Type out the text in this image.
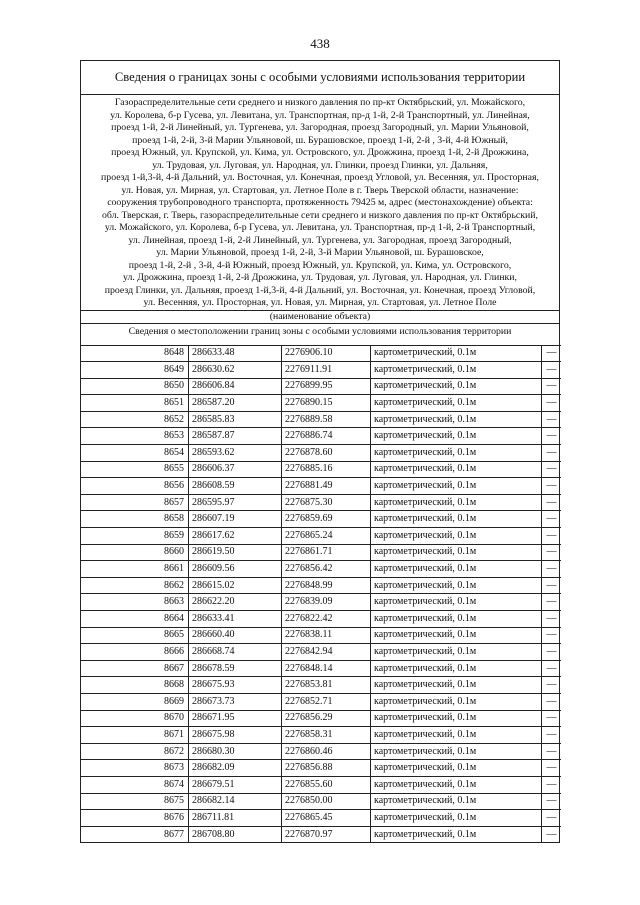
438
Сведения о границах зоны с особыми условиями использования территории
Газораспределительные сети среднего и низкого давления по пр-кт Октябрьский, ул. Можайского,
ул. Королева, б-р Гусева, ул. Левитана, ул. Транспортная, пр-д 1-й, 2-й Транспортный, ул. Линейная,
проезд 1-й, 2-й Линейный, ул. Тургенева, ул. Загородная, проезд Загородный, ул. Марии Ульяновой,
проезд 1-й, 2-й, 3-й Марии Ульяновой, ш. Бурашовское, проезд 1-й, 2-й , 3-й, 4-й Южный,
проезд Южный, ул. Крупской, ул. Кима, ул. Островского, ул. Дрожжина, проезд 1-й, 2-й Дрожжина,
ул. Трудовая, ул. Луговая, ул. Народная, ул. Глинки, проезд Глинки, ул. Дальняя,
проезд 1-й,3-й, 4-й Дальний, ул. Восточная, ул. Конечная, проезд Угловой, ул. Весенняя, ул. Просторная,
ул. Новая, ул. Мирная, ул. Стартовая, ул. Летное Поле в г. Тверь Тверской области, назначение:
сооружения трубопроводного транспорта, протяженность 79425 м, адрес (местонахождение) объекта:
обл. Тверская, г. Тверь, газораспределительные сети среднего и низкого давления по пр-кт Октябрьский,
ул. Можайского, ул. Королева, б-р Гусева, ул. Левитана, ул. Транспортная, пр-д 1-й, 2-й Транспортный,
ул. Линейная, проезд 1-й, 2-й Линейный, ул. Тургенева, ул. Загородная, проезд Загородный,
ул. Марии Ульяновой, проезд 1-й, 2-й, 3-й Марии Ульяновой, ш. Бурашовское,
проезд 1-й, 2-й , 3-й, 4-й Южный, проезд Южный, ул. Крупской, ул. Кима, ул. Островского,
ул. Дрожжина, проезд 1-й, 2-й Дрожжина, ул. Трудовая, ул. Луговая, ул. Народная, ул. Глинки,
проезд Глинки, ул. Дальняя, проезд 1-й,3-й, 4-й Дальний, ул. Восточная, ул. Конечная, проезд Угловой,
ул. Весенняя, ул. Просторная, ул. Новая, ул. Мирная, ул. Стартовая, ул. Летное Поле
(наименование объекта)
Сведения о местоположении границ зоны с особыми условиями использования территории
8648	286633.48	2276906.10	картометрический, 0.1м	—
8649	286630.62	2276911.91	картометрический, 0.1м	—
8650	286606.84	2276899.95	картометрический, 0.1м	—
8651	286587.20	2276890.15	картометрический, 0.1м	—
8652	286585.83	2276889.58	картометрический, 0.1м	—
8653	286587.87	2276886.74	картометрический, 0.1м	—
8654	286593.62	2276878.60	картометрический, 0.1м	—
8655	286606.37	2276885.16	картометрический, 0.1м	—
8656	286608.59	2276881.49	картометрический, 0.1м	—
8657	286595.97	2276875.30	картометрический, 0.1м	—
8658	286607.19	2276859.69	картометрический, 0.1м	—
8659	286617.62	2276865.24	картометрический, 0.1м	—
8660	286619.50	2276861.71	картометрический, 0.1м	—
8661	286609.56	2276856.42	картометрический, 0.1м	—
8662	286615.02	2276848.99	картометрический, 0.1м	—
8663	286622.20	2276839.09	картометрический, 0.1м	—
8664	286633.41	2276822.42	картометрический, 0.1м	—
8665	286660.40	2276838.11	картометрический, 0.1м	—
8666	286668.74	2276842.94	картометрический, 0.1м	—
8667	286678.59	2276848.14	картометрический, 0.1м	—
8668	286675.93	2276853.81	картометрический, 0.1м	—
8669	286673.73	2276852.71	картометрический, 0.1м	—
8670	286671.95	2276856.29	картометрический, 0.1м	—
8671	286675.98	2276858.31	картометрический, 0.1м	—
8672	286680.30	2276860.46	картометрический, 0.1м	—
8673	286682.09	2276856.88	картометрический, 0.1м	—
8674	286679.51	2276855.60	картометрический, 0.1м	—
8675	286682.14	2276850.00	картометрический, 0.1м	—
8676	286711.81	2276865.45	картометрический, 0.1м	—
8677	286708.80	2276870.97	картометрический, 0.1м	—
